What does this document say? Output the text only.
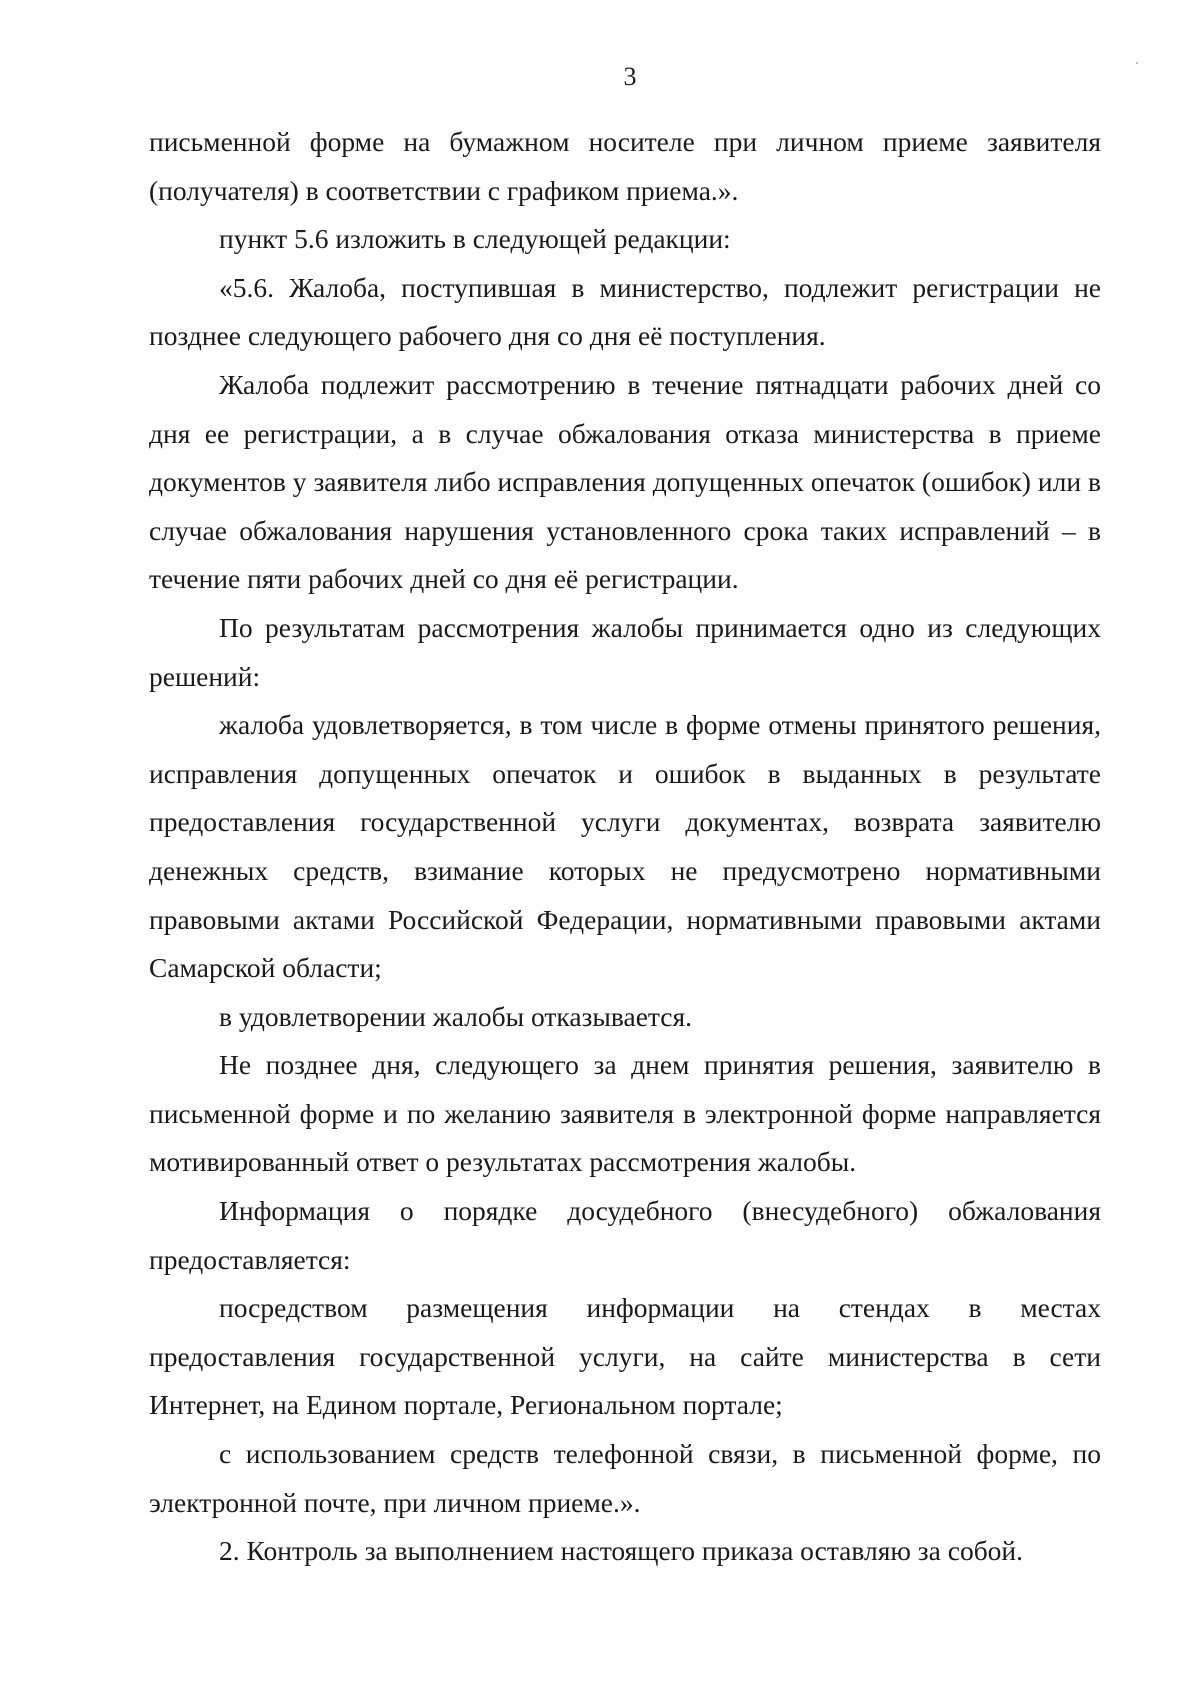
3

письменной форме на бумажном носителе при личном приеме заявителя (получателя) в соответствии с графиком приема.».

пункт 5.6 изложить в следующей редакции:

«5.6. Жалоба, поступившая в министерство, подлежит регистрации не позднее следующего рабочего дня со дня её поступления.

Жалоба подлежит рассмотрению в течение пятнадцати рабочих дней со дня ее регистрации, а в случае обжалования отказа министерства в приеме документов у заявителя либо исправления допущенных опечаток (ошибок) или в случае обжалования нарушения установленного срока таких исправлений – в течение пяти рабочих дней со дня её регистрации.

По результатам рассмотрения жалобы принимается одно из следующих решений:

жалоба удовлетворяется, в том числе в форме отмены принятого решения, исправления допущенных опечаток и ошибок в выданных в результате предоставления государственной услуги документах, возврата заявителю денежных средств, взимание которых не предусмотрено нормативными правовыми актами Российской Федерации, нормативными правовыми актами Самарской области;

в удовлетворении жалобы отказывается.

Не позднее дня, следующего за днем принятия решения, заявителю в письменной форме и по желанию заявителя в электронной форме направляется мотивированный ответ о результатах рассмотрения жалобы.

Информация о порядке досудебного (внесудебного) обжалования предоставляется:

посредством размещения информации на стендах в местах предоставления государственной услуги, на сайте министерства в сети Интернет, на Едином портале, Региональном портале;

с использованием средств телефонной связи, в письменной форме, по электронной почте, при личном приеме.».

2. Контроль за выполнением настоящего приказа оставляю за собой.
